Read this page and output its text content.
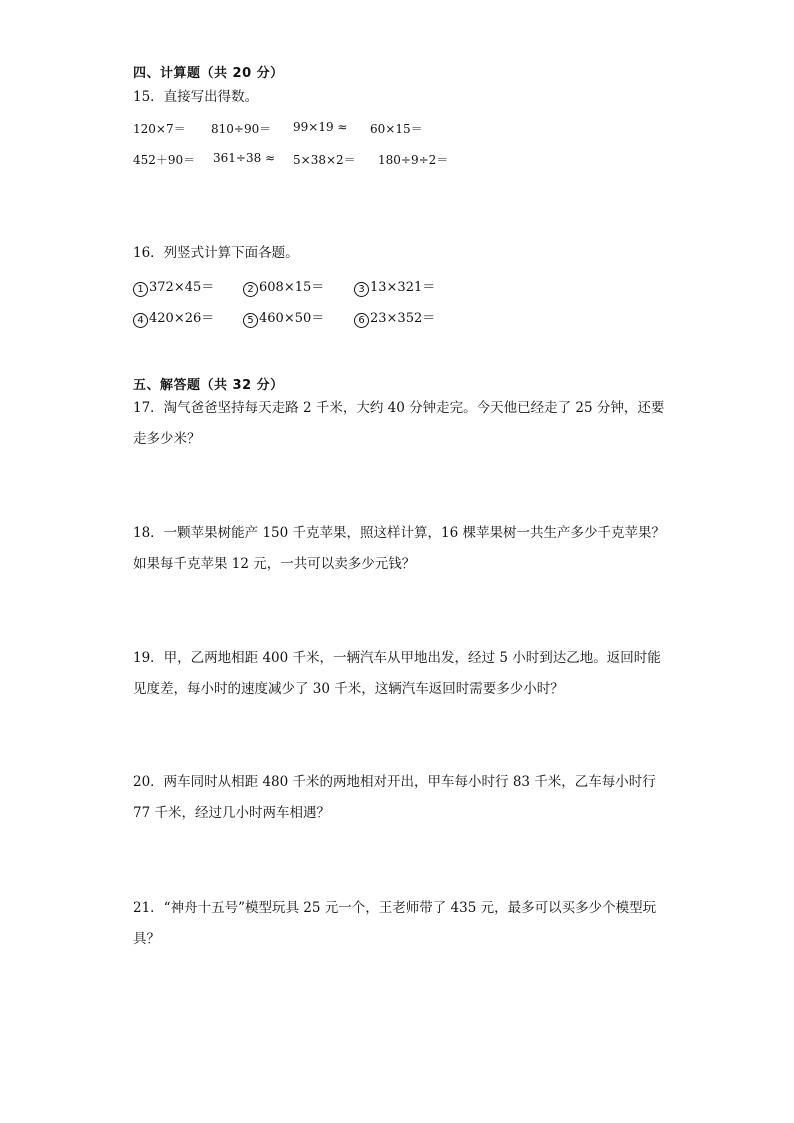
四、计算题（共 20 分）
15．直接写出得数。
120×7＝ 810÷90＝ 99×19 ≈ 60×15＝
452＋90＝ 361÷38 ≈ 5×38×2＝ 180÷9÷2＝
16．列竖式计算下面各题。
1 372×45＝	2 608×15＝	3 13×321＝
4 420×26＝	5 460×50＝	6 23×352＝
五、解答题（共 32 分）
17．淘气爸爸坚持每天走路 2 千米，大约 40 分钟走完。今天他已经走了 25 分钟，还要走多少米？
18．一颗苹果树能产 150 千克苹果，照这样计算，16 棵苹果树一共生产多少千克苹果？如果每千克苹果 12 元，一共可以卖多少元钱？
19．甲，乙两地相距 400 千米，一辆汽车从甲地出发，经过 5 小时到达乙地。返回时能见度差，每小时的速度减少了 30 千米，这辆汽车返回时需要多少小时？
20．两车同时从相距 480 千米的两地相对开出，甲车每小时行 83 千米，乙车每小时行 77 千米，经过几小时两车相遇？
21．“神舟十五号”模型玩具 25 元一个，王老师带了 435 元，最多可以买多少个模型玩具？
